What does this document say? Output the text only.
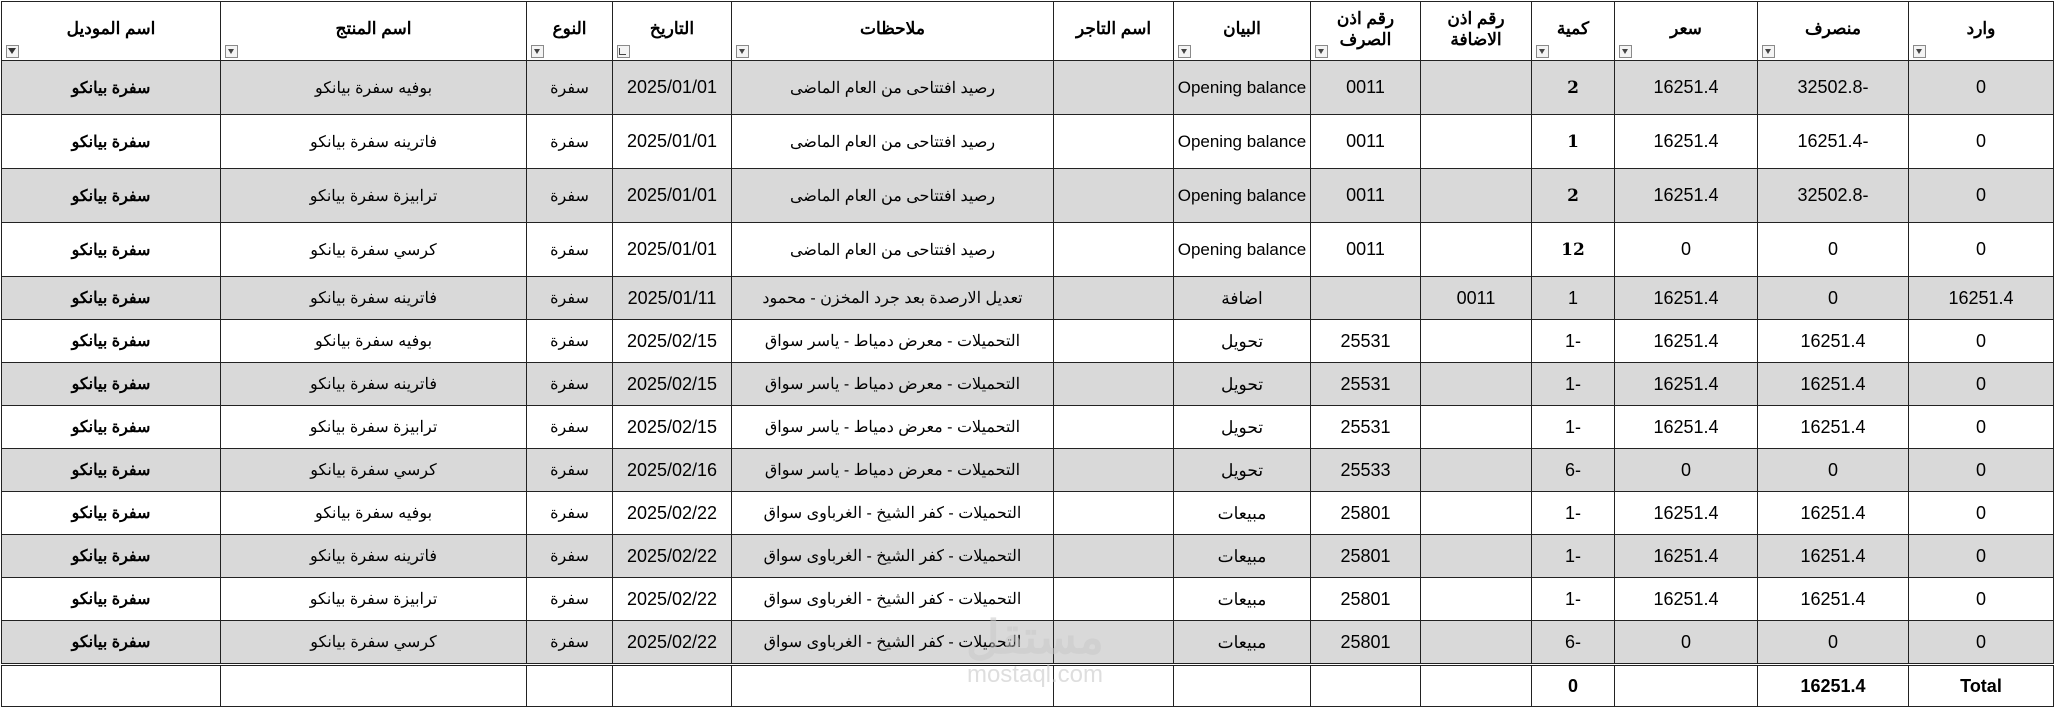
اسم الموديل	اسم المنتج	النوع	التاريخ	ملاحظات	اسم التاجر	البيان	رقم اذن الصرف	رقم اذن الاضافة	كمية	سعر	منصرف	وارد

سفرة بيانكو	بوفيه سفرة بيانكو	سفرة	2025/01/01	رصيد افتتاحى من العام الماضى		Opening balance	0011		2	16251.4	32502.8-	0
سفرة بيانكو	فاترينه سفرة بيانكو	سفرة	2025/01/01	رصيد افتتاحى من العام الماضى		Opening balance	0011		1	16251.4	16251.4-	0
سفرة بيانكو	ترابيزة سفرة بيانكو	سفرة	2025/01/01	رصيد افتتاحى من العام الماضى		Opening balance	0011		2	16251.4	32502.8-	0
سفرة بيانكو	كرسي سفرة بيانكو	سفرة	2025/01/01	رصيد افتتاحى من العام الماضى		Opening balance	0011		12	0	0	0
سفرة بيانكو	فاترينه سفرة بيانكو	سفرة	2025/01/11	تعديل الارصدة بعد جرد المخزن - محمود		اضافة		0011	1	16251.4	0	16251.4
سفرة بيانكو	بوفيه سفرة بيانكو	سفرة	2025/02/15	التحميلات - معرض دمياط - ياسر سواق		تحويل	25531		1-	16251.4	16251.4	0
سفرة بيانكو	فاترينه سفرة بيانكو	سفرة	2025/02/15	التحميلات - معرض دمياط - ياسر سواق		تحويل	25531		1-	16251.4	16251.4	0
سفرة بيانكو	ترابيزة سفرة بيانكو	سفرة	2025/02/15	التحميلات - معرض دمياط - ياسر سواق		تحويل	25531		1-	16251.4	16251.4	0
سفرة بيانكو	كرسي سفرة بيانكو	سفرة	2025/02/16	التحميلات - معرض دمياط - ياسر سواق		تحويل	25533		6-	0	0	0
سفرة بيانكو	بوفيه سفرة بيانكو	سفرة	2025/02/22	التحميلات - كفر الشيخ - الغرباوى سواق		مبيعات	25801		1-	16251.4	16251.4	0
سفرة بيانكو	فاترينه سفرة بيانكو	سفرة	2025/02/22	التحميلات - كفر الشيخ - الغرباوى سواق		مبيعات	25801		1-	16251.4	16251.4	0
سفرة بيانكو	ترابيزة سفرة بيانكو	سفرة	2025/02/22	التحميلات - كفر الشيخ - الغرباوى سواق		مبيعات	25801		1-	16251.4	16251.4	0
سفرة بيانكو	كرسي سفرة بيانكو	سفرة	2025/02/22	التحميلات - كفر الشيخ - الغرباوى سواق		مبيعات	25801		6-	0	0	0
									0		16251.4	Total
مستقل
mostaql.com
